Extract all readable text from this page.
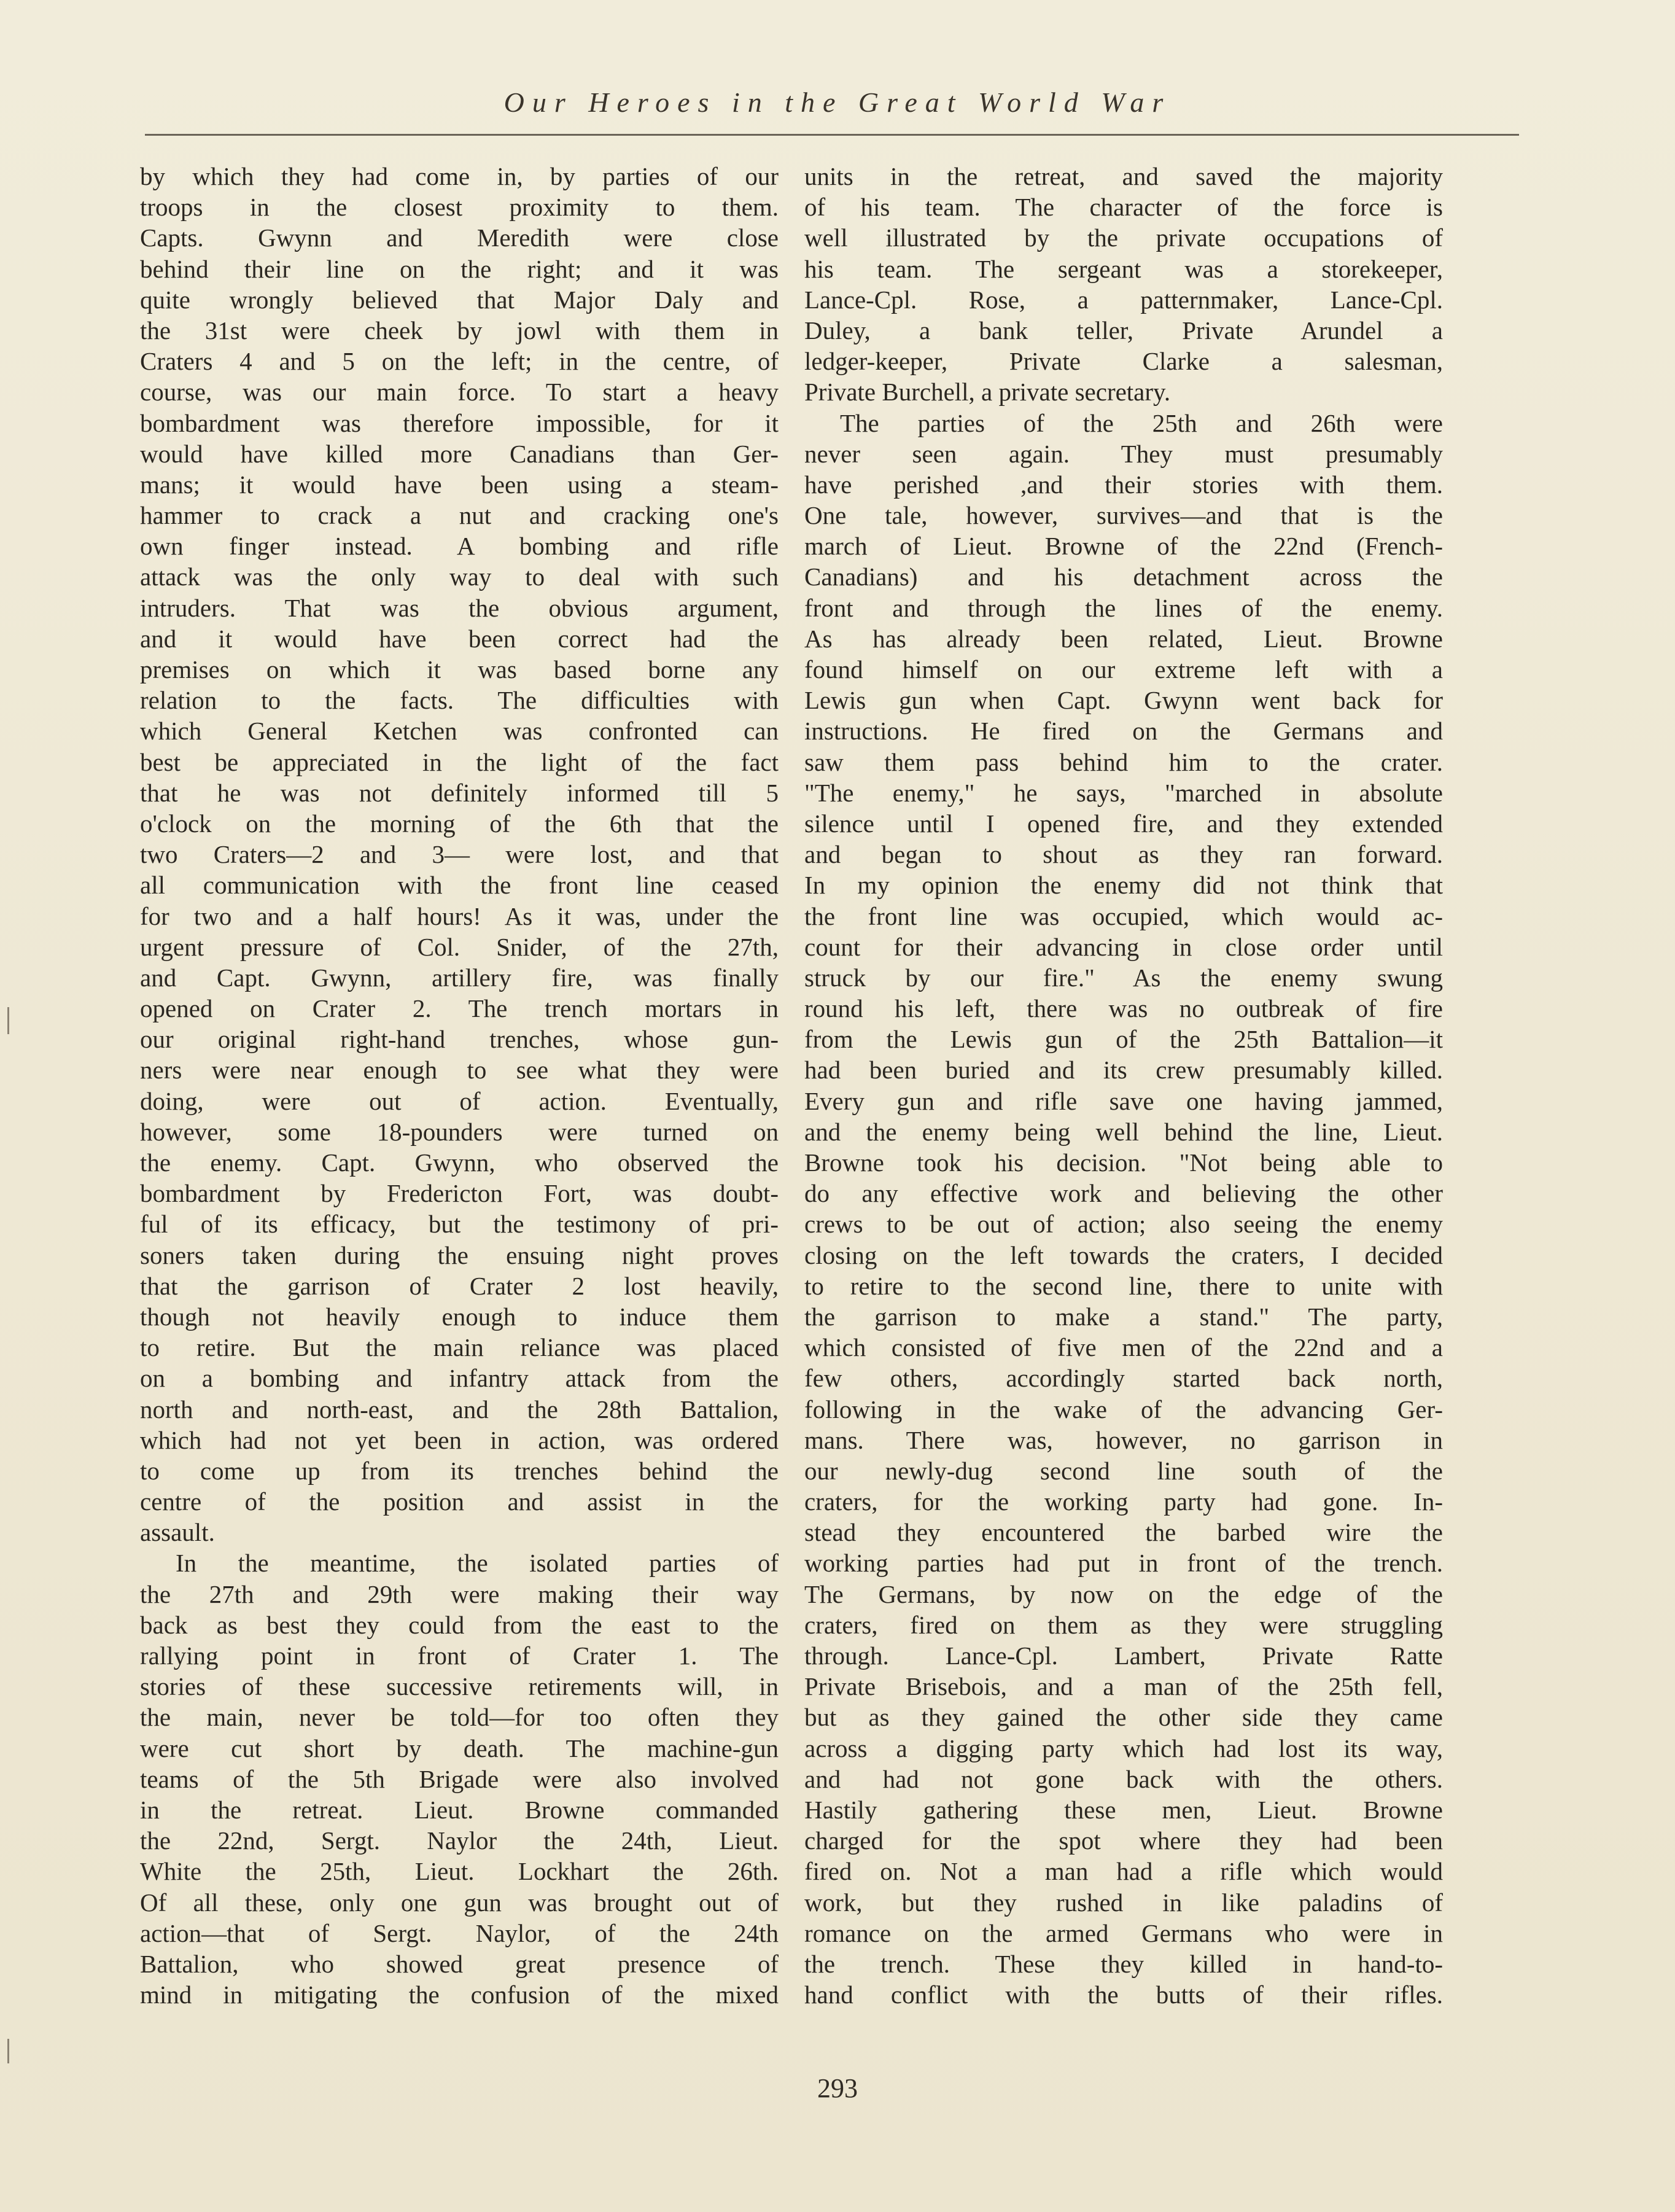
Our Heroes in the Great World War
by which they had come in, by parties of our
troops in the closest proximity to them.
Capts. Gwynn and Meredith were close
behind their line on the right; and it was
quite wrongly believed that Major Daly and
the 31st were cheek by jowl with them in
Craters 4 and 5 on the left; in the centre, of
course, was our main force. To start a heavy
bombardment was therefore impossible, for it
would have killed more Canadians than Ger-
mans; it would have been using a steam-
hammer to crack a nut and cracking one's
own finger instead. A bombing and rifle
attack was the only way to deal with such
intruders. That was the obvious argument,
and it would have been correct had the
premises on which it was based borne any
relation to the facts. The difficulties with
which General Ketchen was confronted can
best be appreciated in the light of the fact
that he was not definitely informed till 5
o'clock on the morning of the 6th that the
two Craters—2 and 3— were lost, and that
all communication with the front line ceased
for two and a half hours! As it was, under the
urgent pressure of Col. Snider, of the 27th,
and Capt. Gwynn, artillery fire, was finally
opened on Crater 2. The trench mortars in
our original right-hand trenches, whose gun-
ners were near enough to see what they were
doing, were out of action. Eventually,
however, some 18-pounders were turned on
the enemy. Capt. Gwynn, who observed the
bombardment by Fredericton Fort, was doubt-
ful of its efficacy, but the testimony of pri-
soners taken during the ensuing night proves
that the garrison of Crater 2 lost heavily,
though not heavily enough to induce them
to retire. But the main reliance was placed
on a bombing and infantry attack from the
north and north-east, and the 28th Battalion,
which had not yet been in action, was ordered
to come up from its trenches behind the
centre of the position and assist in the
assault.
In the meantime, the isolated parties of
the 27th and 29th were making their way
back as best they could from the east to the
rallying point in front of Crater 1. The
stories of these successive retirements will, in
the main, never be told—for too often they
were cut short by death. The machine-gun
teams of the 5th Brigade were also involved
in the retreat. Lieut. Browne commanded
the 22nd, Sergt. Naylor the 24th, Lieut.
White the 25th, Lieut. Lockhart the 26th.
Of all these, only one gun was brought out of
action—that of Sergt. Naylor, of the 24th
Battalion, who showed great presence of
mind in mitigating the confusion of the mixed
units in the retreat, and saved the majority
of his team. The character of the force is
well illustrated by the private occupations of
his team. The sergeant was a storekeeper,
Lance-Cpl. Rose, a patternmaker, Lance-Cpl.
Duley, a bank teller, Private Arundel a
ledger-keeper, Private Clarke a salesman,
Private Burchell, a private secretary.
The parties of the 25th and 26th were
never seen again. They must presumably
have perished ,and their stories with them.
One tale, however, survives—and that is the
march of Lieut. Browne of the 22nd (French-
Canadians) and his detachment across the
front and through the lines of the enemy.
As has already been related, Lieut. Browne
found himself on our extreme left with a
Lewis gun when Capt. Gwynn went back for
instructions. He fired on the Germans and
saw them pass behind him to the crater.
"The enemy," he says, "marched in absolute
silence until I opened fire, and they extended
and began to shout as they ran forward.
In my opinion the enemy did not think that
the front line was occupied, which would ac-
count for their advancing in close order until
struck by our fire." As the enemy swung
round his left, there was no outbreak of fire
from the Lewis gun of the 25th Battalion—it
had been buried and its crew presumably killed.
Every gun and rifle save one having jammed,
and the enemy being well behind the line, Lieut.
Browne took his decision. "Not being able to
do any effective work and believing the other
crews to be out of action; also seeing the enemy
closing on the left towards the craters, I decided
to retire to the second line, there to unite with
the garrison to make a stand." The party,
which consisted of five men of the 22nd and a
few others, accordingly started back north,
following in the wake of the advancing Ger-
mans. There was, however, no garrison in
our newly-dug second line south of the
craters, for the working party had gone. In-
stead they encountered the barbed wire the
working parties had put in front of the trench.
The Germans, by now on the edge of the
craters, fired on them as they were struggling
through. Lance-Cpl. Lambert, Private Ratte
Private Brisebois, and a man of the 25th fell,
but as they gained the other side they came
across a digging party which had lost its way,
and had not gone back with the others.
Hastily gathering these men, Lieut. Browne
charged for the spot where they had been
fired on. Not a man had a rifle which would
work, but they rushed in like paladins of
romance on the armed Germans who were in
the trench. These they killed in hand-to-
hand conflict with the butts of their rifles.
293
